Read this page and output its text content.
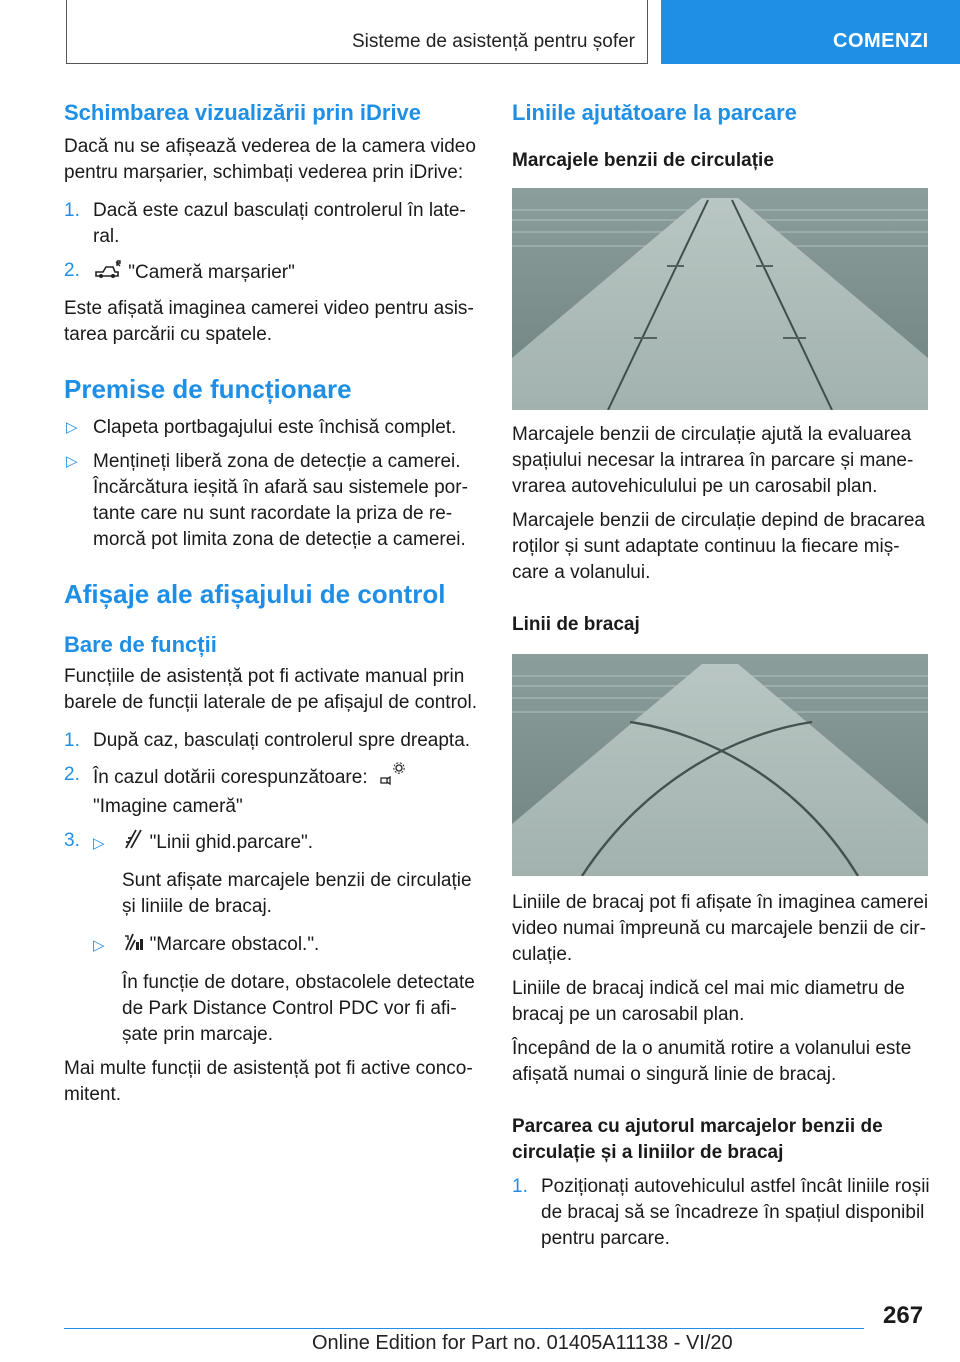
Sisteme de asistență pentru șofer	COMENZI
Schimbarea vizualizării prin iDrive

Dacă nu se afișează vederea de la camera video pentru marșarier, schimbați vederea prin iDrive:

1. Dacă este cazul basculați controlerul în lateral.
2.	"Cameră marșarier"

Este afișată imaginea camerei video pentru asistarea parcării cu spatele.

Premise de funcționare
▷ Clapeta portbagajului este închisă complet.
▷ Mențineți liberă zona de detecție a camerei. Încărcătura ieșită în afară sau sistemele portante care nu sunt racordate la priza de remorcă pot limita zona de detecție a camerei.
Afișaje ale afișajului de control
Bare de funcții

Funcțiile de asistență pot fi activate manual prin barele de funcții laterale de pe afișajul de control.

1. După caz, basculați controlerul spre dreapta.
2. În cazul dotării corespunzătoare:
"Imagine cameră"
3. ▷ "Linii ghid.parcare".

Sunt afișate marcajele benzii de circulație și liniile de bracaj.

▷ "Marcare obstacol.".

În funcție de dotare, obstacolele detectate de Park Distance Control PDC vor fi afișate prin marcaje.

Mai multe funcții de asistență pot fi active concomitent.

Liniile ajutătoare la parcare
Marcajele benzii de circulație

Marcajele benzii de circulație ajută la evaluarea spațiului necesar la intrarea în parcare și manevrarea autovehiculului pe un carosabil plan.

Marcajele benzii de circulație depind de bracarea roților și sunt adaptate continuu la fiecare mișcare a volanului.

Linii de bracaj

Liniile de bracaj pot fi afișate în imaginea camerei video numai împreună cu marcajele benzii de circulație.

Liniile de bracaj indică cel mai mic diametru de bracaj pe un carosabil plan.

Începând de la o anumită rotire a volanului este afișată numai o singură linie de bracaj.

Parcarea cu ajutorul marcajelor benzii de circulație și a liniilor de bracaj
1. Poziționați autovehiculul astfel încât liniile roșii de bracaj să se încadreze în spațiul disponibil pentru parcare.
267
Online Edition for Part no. 01405A11138 - VI/20
